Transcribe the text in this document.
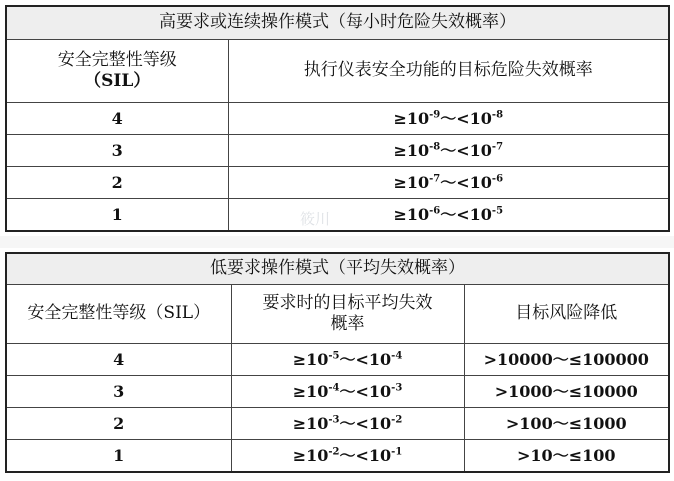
高要求或连续操作模式（每小时危险失效概率）	
安全完整性等级
（SIL）	执行仪表安全功能的目标危险失效概率
4	$\ge 10^{-9}\sim<10^{-8}$
3	$\ge 10^{-8}\sim<10^{-7}$
2	$\ge 10^{-7}\sim<10^{-6}$
1	$\ge 10^{-6}\sim<10^{-5}$
低要求操作模式（平均失效概率）		
安全完整性等级（SIL）	要求时的目标平均失效概率	目标风险降低
4	$\ge 10^{-5}\sim<10^{-4}$	>10000～≤100000
3	$\ge 10^{-4}\sim<10^{-3}$	>1000～≤10000
2	$\ge 10^{-3}\sim<10^{-2}$	>100～≤1000
1	$\ge 10^{-2}\sim<10^{-1}$	>10～≤100
筱川
